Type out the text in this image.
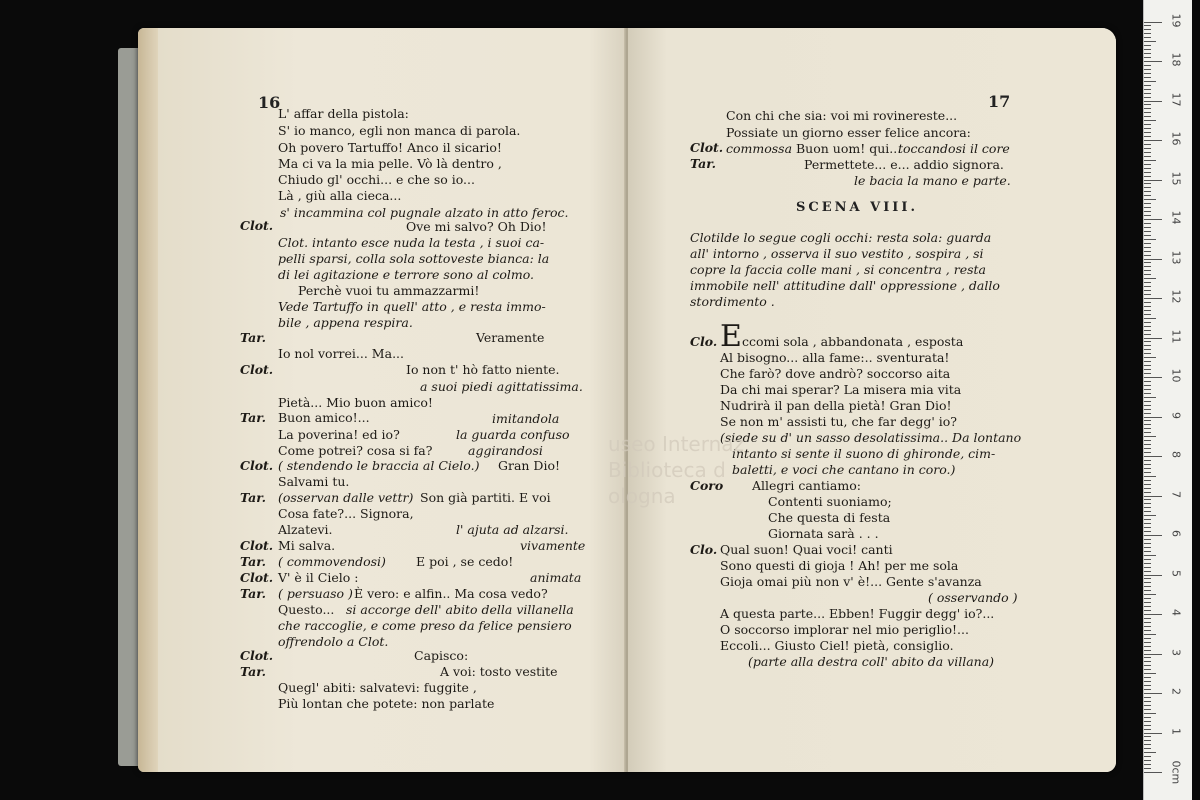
16
L' affar della pistola:
S' io manco, egli non manca di parola.
Oh povero Tartuffo! Anco il sicario!
Ma ci va la mia pelle. Vò là dentro ,
Chiudo gl' occhi... e che so io...
Là , giù alla cieca...
s' incammina col pugnale alzato in atto feroc.
Clot.	Ove mi salvo? Oh Dio!
Clot. intanto esce nuda la testa , i suoi ca-
pelli sparsi, colla sola sottoveste bianca: la
di lei agitazione e terrore sono al colmo.
Perchè vuoi tu ammazzarmi!
Vede Tartuffo in quell' atto , e resta immo-
bile , appena respira.
Tar.	Veramente
Io nol vorrei... Ma...
Clot.	Io non t' hò fatto niente.
a suoi piedi agittatissima.
Pietà... Mio buon amico!
Tar. Buon amico!...	imitandola
La poverina! ed io?	la guarda confuso
Come potrei? cosa si fa?	aggirandosi
Clot. ( stendendo le braccia al Cielo.) Gran Dio!
Salvami tu.
Tar. (osservan dalle vettr) Son già partiti. E voi
Cosa fate?... Signora,
Alzatevi.	l' ajuta ad alzarsi.
Clot. Mi salva.	vivamente
Tar. ( commovendosi) E poi , se cedo!
Clot. V' è il Cielo :	animata
Tar. ( persuaso ) È vero: e alfin.. Ma cosa vedo?
Questo... si accorge dell' abito della villanella
che raccoglie, e come preso da felice pensiero
offrendolo a Clot.
Clot.	Capisco:
Tar.	A voi: tosto vestite
Quegl' abiti: salvatevi: fuggite ,
Più lontan che potete: non parlate
17
Con chi che sia: voi mi rovinereste...
Possiate un giorno esser felice ancora:
Clot. commossa Buon uom! qui...
toccandosi il core
Tar.	Permettete... e... addio signora.
le bacia la mano e parte.
SCENA VIII.
Clotilde lo segue cogli occhi: resta sola: guarda
all' intorno , osserva il suo vestito , sospira , si
copre la faccia colle mani , si concentra , resta
immobile nell' attitudine dall' oppressione , dallo
stordimento .
Clo. E ccomi sola , abbandonata , esposta
Al bisogno... alla fame:.. sventurata!
Che farò? dove andrò? soccorso aita
Da chi mai sperar? La misera mia vita
Nudrirà il pan della pietà! Gran Dio!
Se non m' assisti tu, che far degg' io?
(siede su d' un sasso desolatissima.. Da lontano
intanto si sente il suono di ghironde, cim-
baletti, e voci che cantano in coro.)
Coro Allegri cantiamo:
Contenti suoniamo;
Che questa di festa
Giornata sarà . . .
Clo. Qual suon! Quai voci! canti
Sono questi di gioja ! Ah! per me sola
Gioja omai più non v' è!... Gente s'avanza
( osservando )
A questa parte... Ebben! Fuggir degg' io?...
O soccorso implorar nel mio periglio!...
Eccoli... Giusto Ciel! pietà, consiglio.
(parte alla destra coll' abito da villana)
useo Internaz
Biblioteca d
ologna
0cm
1
2
3
4
5
6
7
8
9
10
11
12
13
14
15
16
17
18
19
